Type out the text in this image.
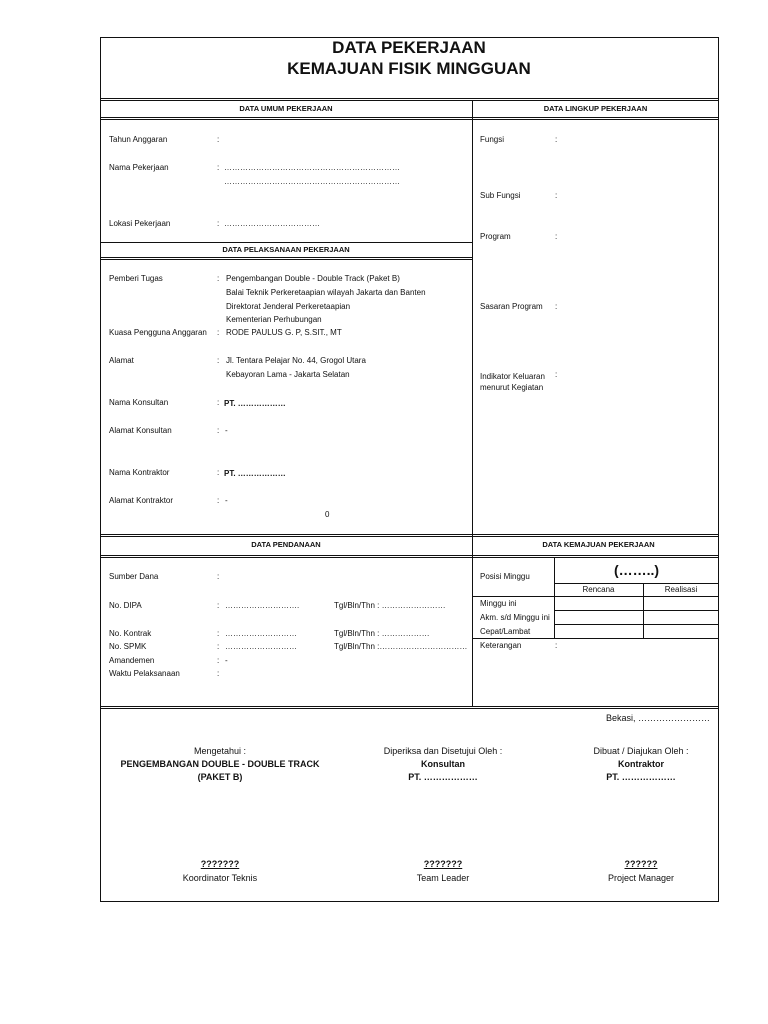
DATA PEKERJAAN
KEMAJUAN FISIK MINGGUAN
DATA UMUM PEKERJAAN	DATA LINGKUP PEKERJAAN
DATA PELAKSANAAN PEKERJAAN
DATA PENDANAAN	DATA KEMAJUAN PEKERJAAN
Tahun Anggaran	:
Nama Pekerjaan	: …………………………………………………………
…………………………………………………………
Lokasi Pekerjaan	: ………………………………
Pemberi Tugas	: Pengembangan Double - Double Track (Paket B)
Balai Teknik Perkeretaapian wilayah Jakarta dan Banten
Direktorat Jenderal Perkeretaapian
Kementerian Perhubungan
Kuasa Pengguna Anggaran : RODE PAULUS G. P, S.SIT., MT
Alamat	: Jl. Tentara Pelajar No. 44, Grogol Utara
Kebayoran Lama - Jakarta Selatan
Nama Konsultan	: PT. ………………
Alamat Konsultan	: -
Nama Kontraktor	: PT. ………………
Alamat Kontraktor	: -
0
Fungsi	:
Sub Fungsi	:
Program	:
Sasaran Program :
Indikator Keluaran
menurut Kegiatan
:
Sumber Dana	:
No. DIPA	: ……………………….	Tgl/Bln/Thn : ……………………
No. Kontrak	: ………………………	Tgl/Bln/Thn : ………………
No. SPMK	: ………………………	Tgl/Bln/Thn :……………………………
Amandemen	: -
Waktu Pelaksanaan	:
Posisi Minggu	(……..)
Rencana	Realisasi
Minggu ini
Akm. s/d Minggu ini
Cepat/Lambat
Keterangan	:
Bekasi, ……………………
Mengetahui :
PENGEMBANGAN DOUBLE - DOUBLE TRACK
(PAKET B)
???????
Koordinator Teknis
Diperiksa dan Disetujui Oleh :
Konsultan
PT. ………………
???????
Team Leader
Dibuat / Diajukan Oleh :
Kontraktor
PT. ………………
??????
Project Manager
